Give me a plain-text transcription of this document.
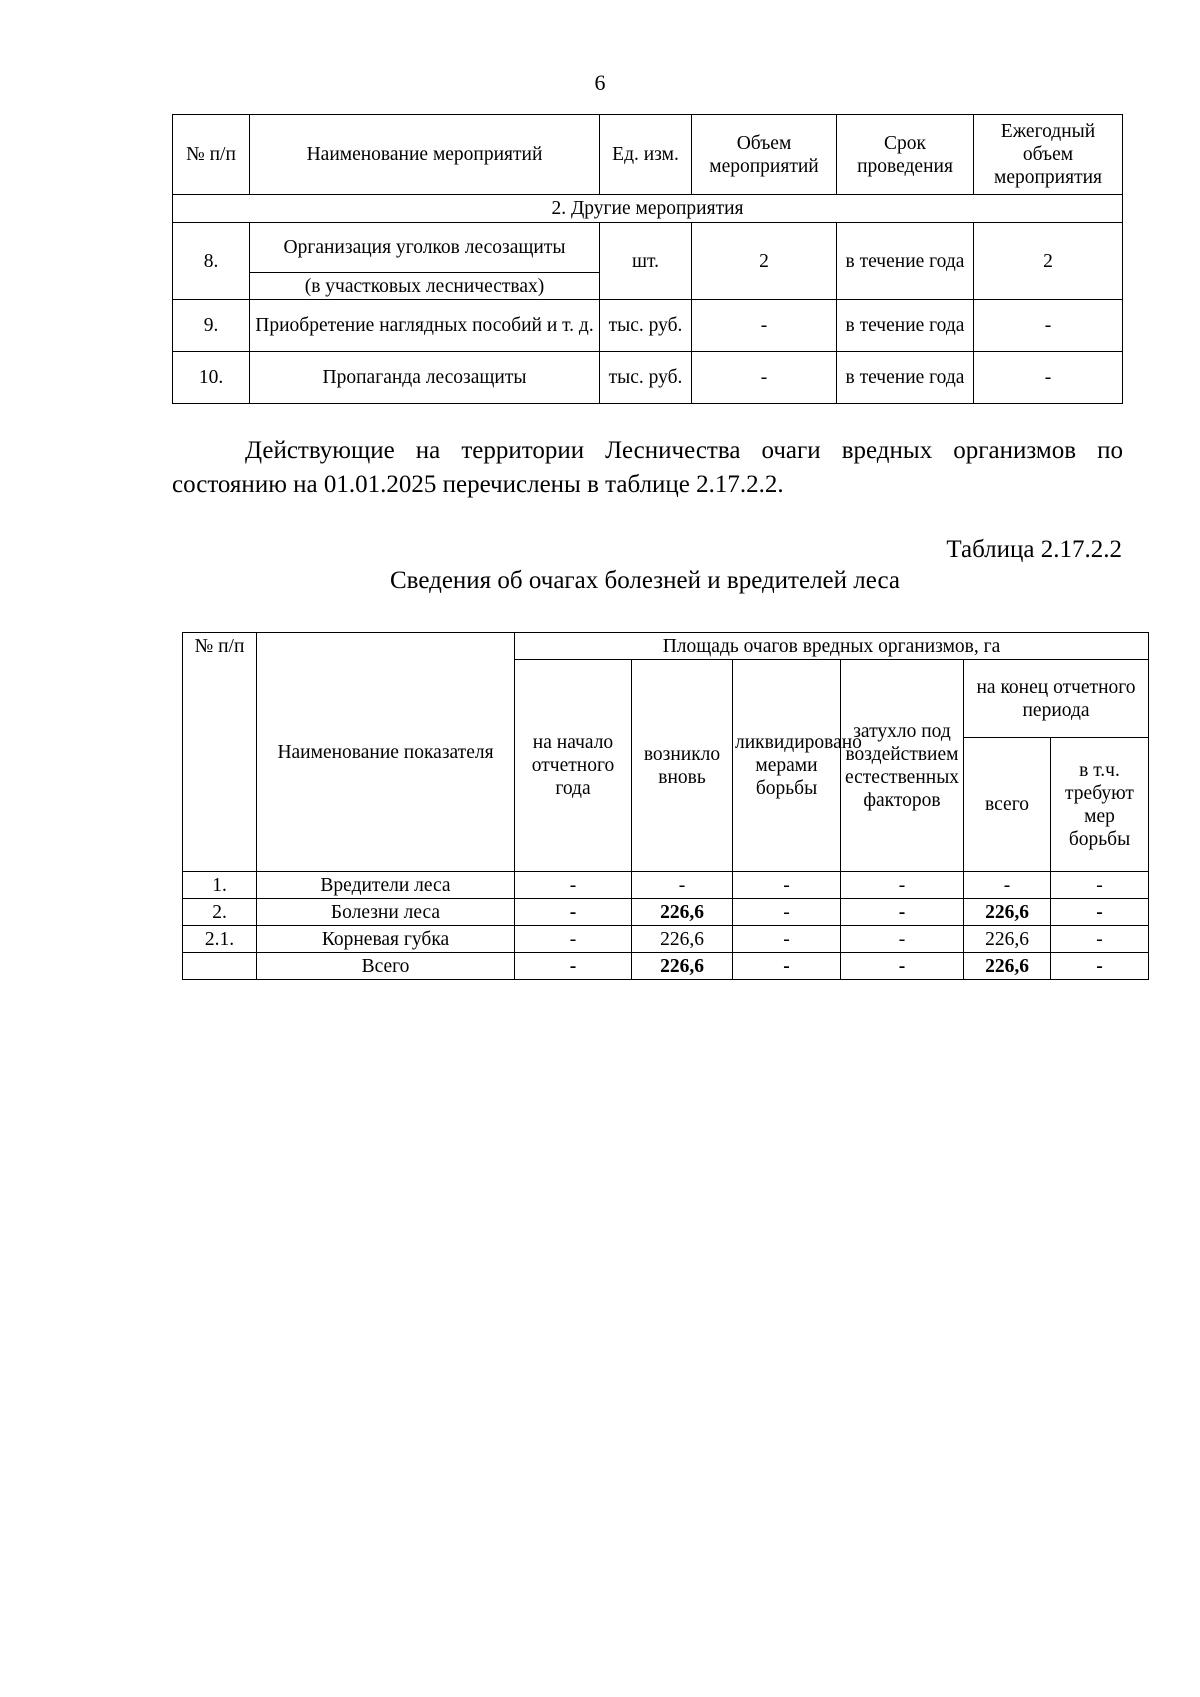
6
№ п/п	Наименование мероприятий	Ед. изм.	Объем мероприятий	Срок проведения	Ежегодный объем мероприятия
2. Другие мероприятия					
8.	Организация уголков лесозащиты	шт.	2	в течение года	2
	(в участковых лесничествах)				
9.	Приобретение наглядных пособий и т. д.	тыс. руб.	-	в течение года	-
10.	Пропаганда лесозащиты	тыс. руб.	-	в течение года	-

Действующие на территории Лесничества очаги вредных организмов по состоянию на 01.01.2025 перечислены в таблице 2.17.2.2.

Таблица 2.17.2.2

Сведения об очагах болезней и вредителей леса

№ п/п	Наименование показателя	Площадь очагов вредных организмов, га					
		на начало отчетного года	возникло вновь	ликвидировано мерами борьбы	затухло под воздействием естественных факторов	на конец отчетного периода	
						всего	в т.ч. требуют мер борьбы
1.	Вредители леса	-	-	-	-	-	-
2.	Болезни леса	-	226,6	-	-	226,6	-
2.1.	Корневая губка	-	226,6	-	-	226,6	-
	Всего	-	226,6	-	-	226,6	-
